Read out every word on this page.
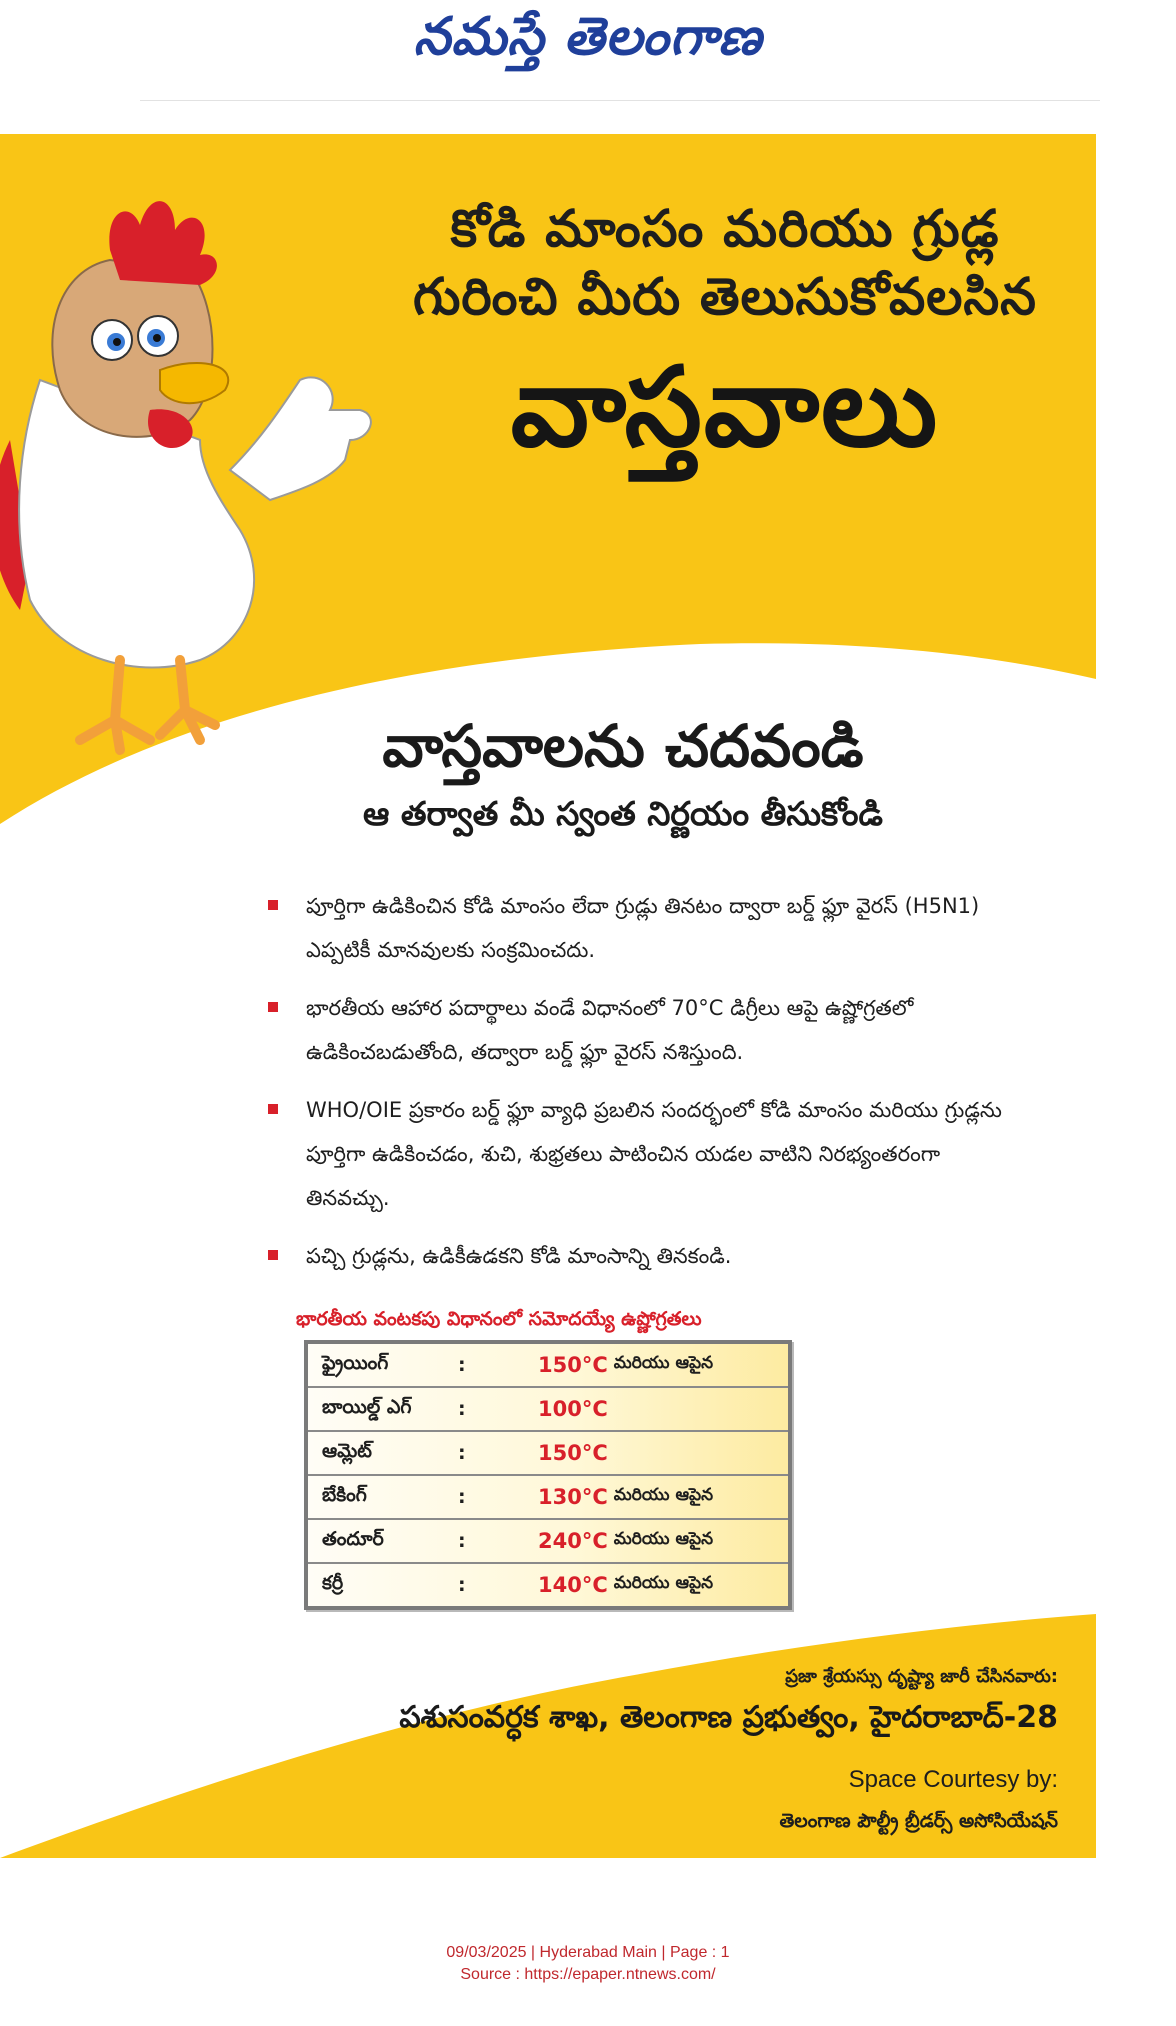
నమస్తే తెలంగాణ
కోడి మాంసం మరియు గ్రుడ్ల
గురించి మీరు తెలుసుకోవలసిన
వాస్తవాలు
వాస్తవాలను చదవండి
ఆ తర్వాత మీ స్వంత నిర్ణయం తీసుకోండి
పూర్తిగా ఉడికించిన కోడి మాంసం లేదా గ్రుడ్లు తినటం ద్వారా బర్డ్ ఫ్లూ వైరస్ (H5N1) ఎప్పటికీ మానవులకు సంక్రమించదు.
భారతీయ ఆహార పదార్థాలు వండే విధానంలో 70°C డిగ్రీలు ఆపై ఉష్ణోగ్రతలో ఉడికించబడుతోంది, తద్వారా బర్డ్ ఫ్లూ వైరస్ నశిస్తుంది.
WHO/OIE ప్రకారం బర్డ్ ఫ్లూ వ్యాధి ప్రబలిన సందర్భంలో కోడి మాంసం మరియు గ్రుడ్లను పూర్తిగా ఉడికించడం, శుచి, శుభ్రతలు పాటించిన యడల వాటిని నిరభ్యంతరంగా తినవచ్చు.
పచ్చి గ్రుడ్లను, ఉడికీఉడకని కోడి మాంసాన్ని తినకండి.
భారతీయ వంటకపు విధానంలో సమోదయ్యే ఉష్ణోగ్రతలు
ఫ్రైయింగ్	:	150°C మరియు ఆపైన
బాయిల్డ్ ఎగ్	:	100°C
ఆమ్లెట్	:	150°C
బేకింగ్	:	130°C మరియు ఆపైన
తందూర్	:	240°C మరియు ఆపైన
కర్రీ	:	140°C మరియు ఆపైన
ప్రజా శ్రేయస్సు దృష్ట్యా జారీ చేసినవారు:
పశుసంవర్ధక శాఖ, తెలంగాణ ప్రభుత్వం, హైదరాబాద్-28
Space Courtesy by:
తెలంగాణ పౌల్ట్రీ బ్రీడర్స్ అసోసియేషన్
09/03/2025 | Hyderabad Main | Page : 1
Source : https://epaper.ntnews.com/
